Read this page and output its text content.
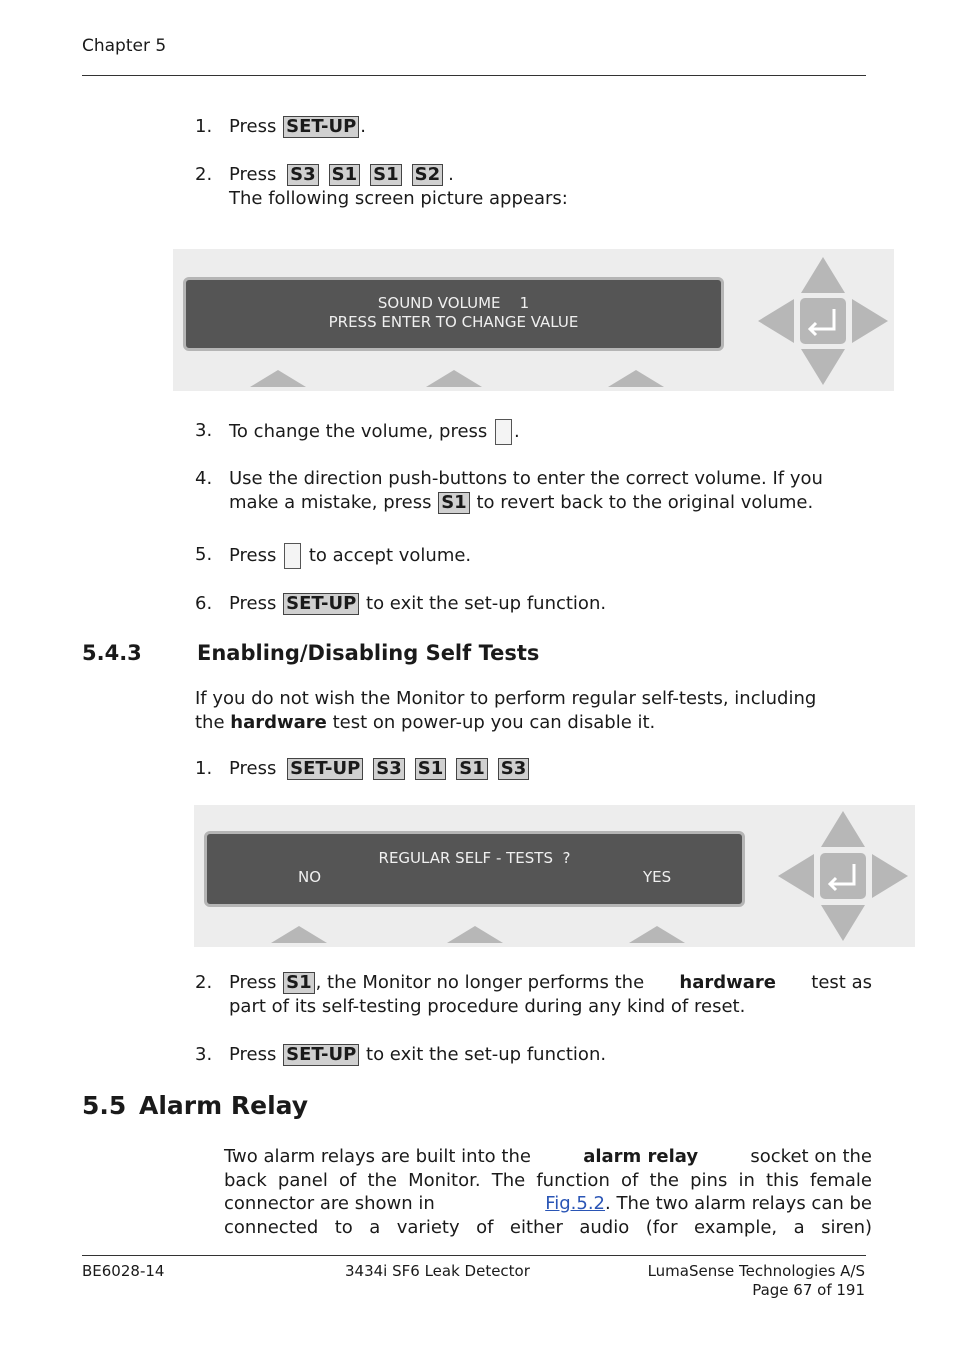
Chapter 5
1. Press SET-UP .
2. Press S3 S1 S1 S2 .
The following screen picture appears:
SOUND VOLUME    1
PRESS ENTER TO CHANGE VALUE
3. To change the volume, press .
4. Use the direction push-buttons to enter the correct volume. If you
make a mistake, press S1 to revert back to the original volume.
5. Press to accept volume.
6. Press SET-UP to exit the set-up function.
5.4.3	Enabling/Disabling Self Tests
If you do not wish the Monitor to perform regular self-tests, including
the hardware test on power-up you can disable it.
1. Press SET-UP S3 S1 S1 S3
REGULAR SELF - TESTS  ?
NO	YES
2. Press S1 , the Monitor no longer performs the hardware test as
part of its self-testing procedure during any kind of reset.
3. Press SET-UP to exit the set-up function.
5.5 Alarm Relay
Two alarm relays are built into the	alarm relay	socket on the
back panel of the Monitor. The function of the pins in this female
connector are shown in	Fig.5.2. The two alarm relays can be
connected to a variety of either audio (for example, a siren)
BE6028-14	3434i SF6 Leak Detector	LumaSense Technologies A/S
Page 67 of 191
